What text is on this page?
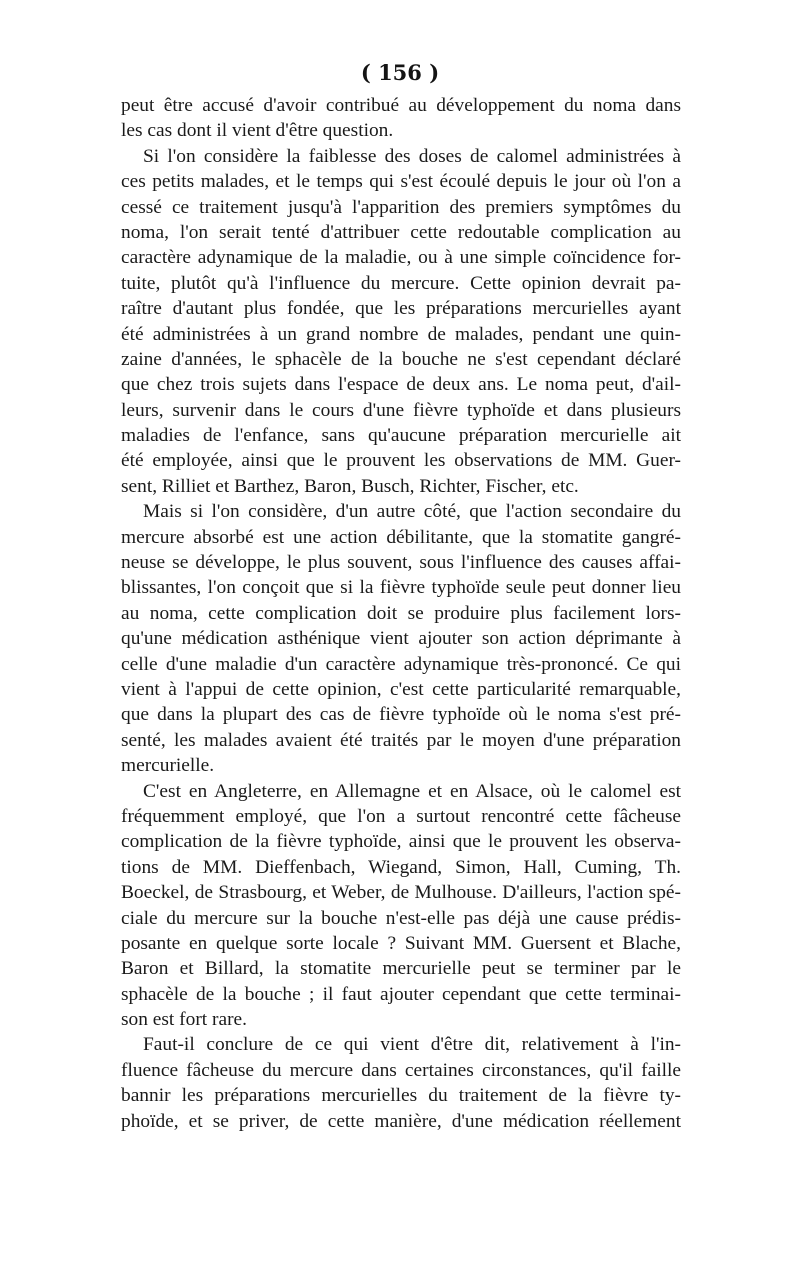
( 156 )
peut être accusé d'avoir contribué au développement du noma dans
les cas dont il vient d'être question.
Si l'on considère la faiblesse des doses de calomel administrées à
ces petits malades, et le temps qui s'est écoulé depuis le jour où l'on a
cessé ce traitement jusqu'à l'apparition des premiers symptômes du
noma, l'on serait tenté d'attribuer cette redoutable complication au
caractère adynamique de la maladie, ou à une simple coïncidence for-
tuite, plutôt qu'à l'influence du mercure. Cette opinion devrait pa-
raître d'autant plus fondée, que les préparations mercurielles ayant
été administrées à un grand nombre de malades, pendant une quin-
zaine d'années, le sphacèle de la bouche ne s'est cependant déclaré
que chez trois sujets dans l'espace de deux ans. Le noma peut, d'ail-
leurs, survenir dans le cours d'une fièvre typhoïde et dans plusieurs
maladies de l'enfance, sans qu'aucune préparation mercurielle ait
été employée, ainsi que le prouvent les observations de MM. Guer-
sent, Rilliet et Barthez, Baron, Busch, Richter, Fischer, etc.
Mais si l'on considère, d'un autre côté, que l'action secondaire du
mercure absorbé est une action débilitante, que la stomatite gangré-
neuse se développe, le plus souvent, sous l'influence des causes affai-
blissantes, l'on conçoit que si la fièvre typhoïde seule peut donner lieu
au noma, cette complication doit se produire plus facilement lors-
qu'une médication asthénique vient ajouter son action déprimante à
celle d'une maladie d'un caractère adynamique très-prononcé. Ce qui
vient à l'appui de cette opinion, c'est cette particularité remarquable,
que dans la plupart des cas de fièvre typhoïde où le noma s'est pré-
senté, les malades avaient été traités par le moyen d'une préparation
mercurielle.
C'est en Angleterre, en Allemagne et en Alsace, où le calomel est
fréquemment employé, que l'on a surtout rencontré cette fâcheuse
complication de la fièvre typhoïde, ainsi que le prouvent les observa-
tions de MM. Dieffenbach, Wiegand, Simon, Hall, Cuming, Th.
Boeckel, de Strasbourg, et Weber, de Mulhouse. D'ailleurs, l'action spé-
ciale du mercure sur la bouche n'est-elle pas déjà une cause prédis-
posante en quelque sorte locale ? Suivant MM. Guersent et Blache,
Baron et Billard, la stomatite mercurielle peut se terminer par le
sphacèle de la bouche ; il faut ajouter cependant que cette terminai-
son est fort rare.
Faut-il conclure de ce qui vient d'être dit, relativement à l'in-
fluence fâcheuse du mercure dans certaines circonstances, qu'il faille
bannir les préparations mercurielles du traitement de la fièvre ty-
phoïde, et se priver, de cette manière, d'une médication réellement
